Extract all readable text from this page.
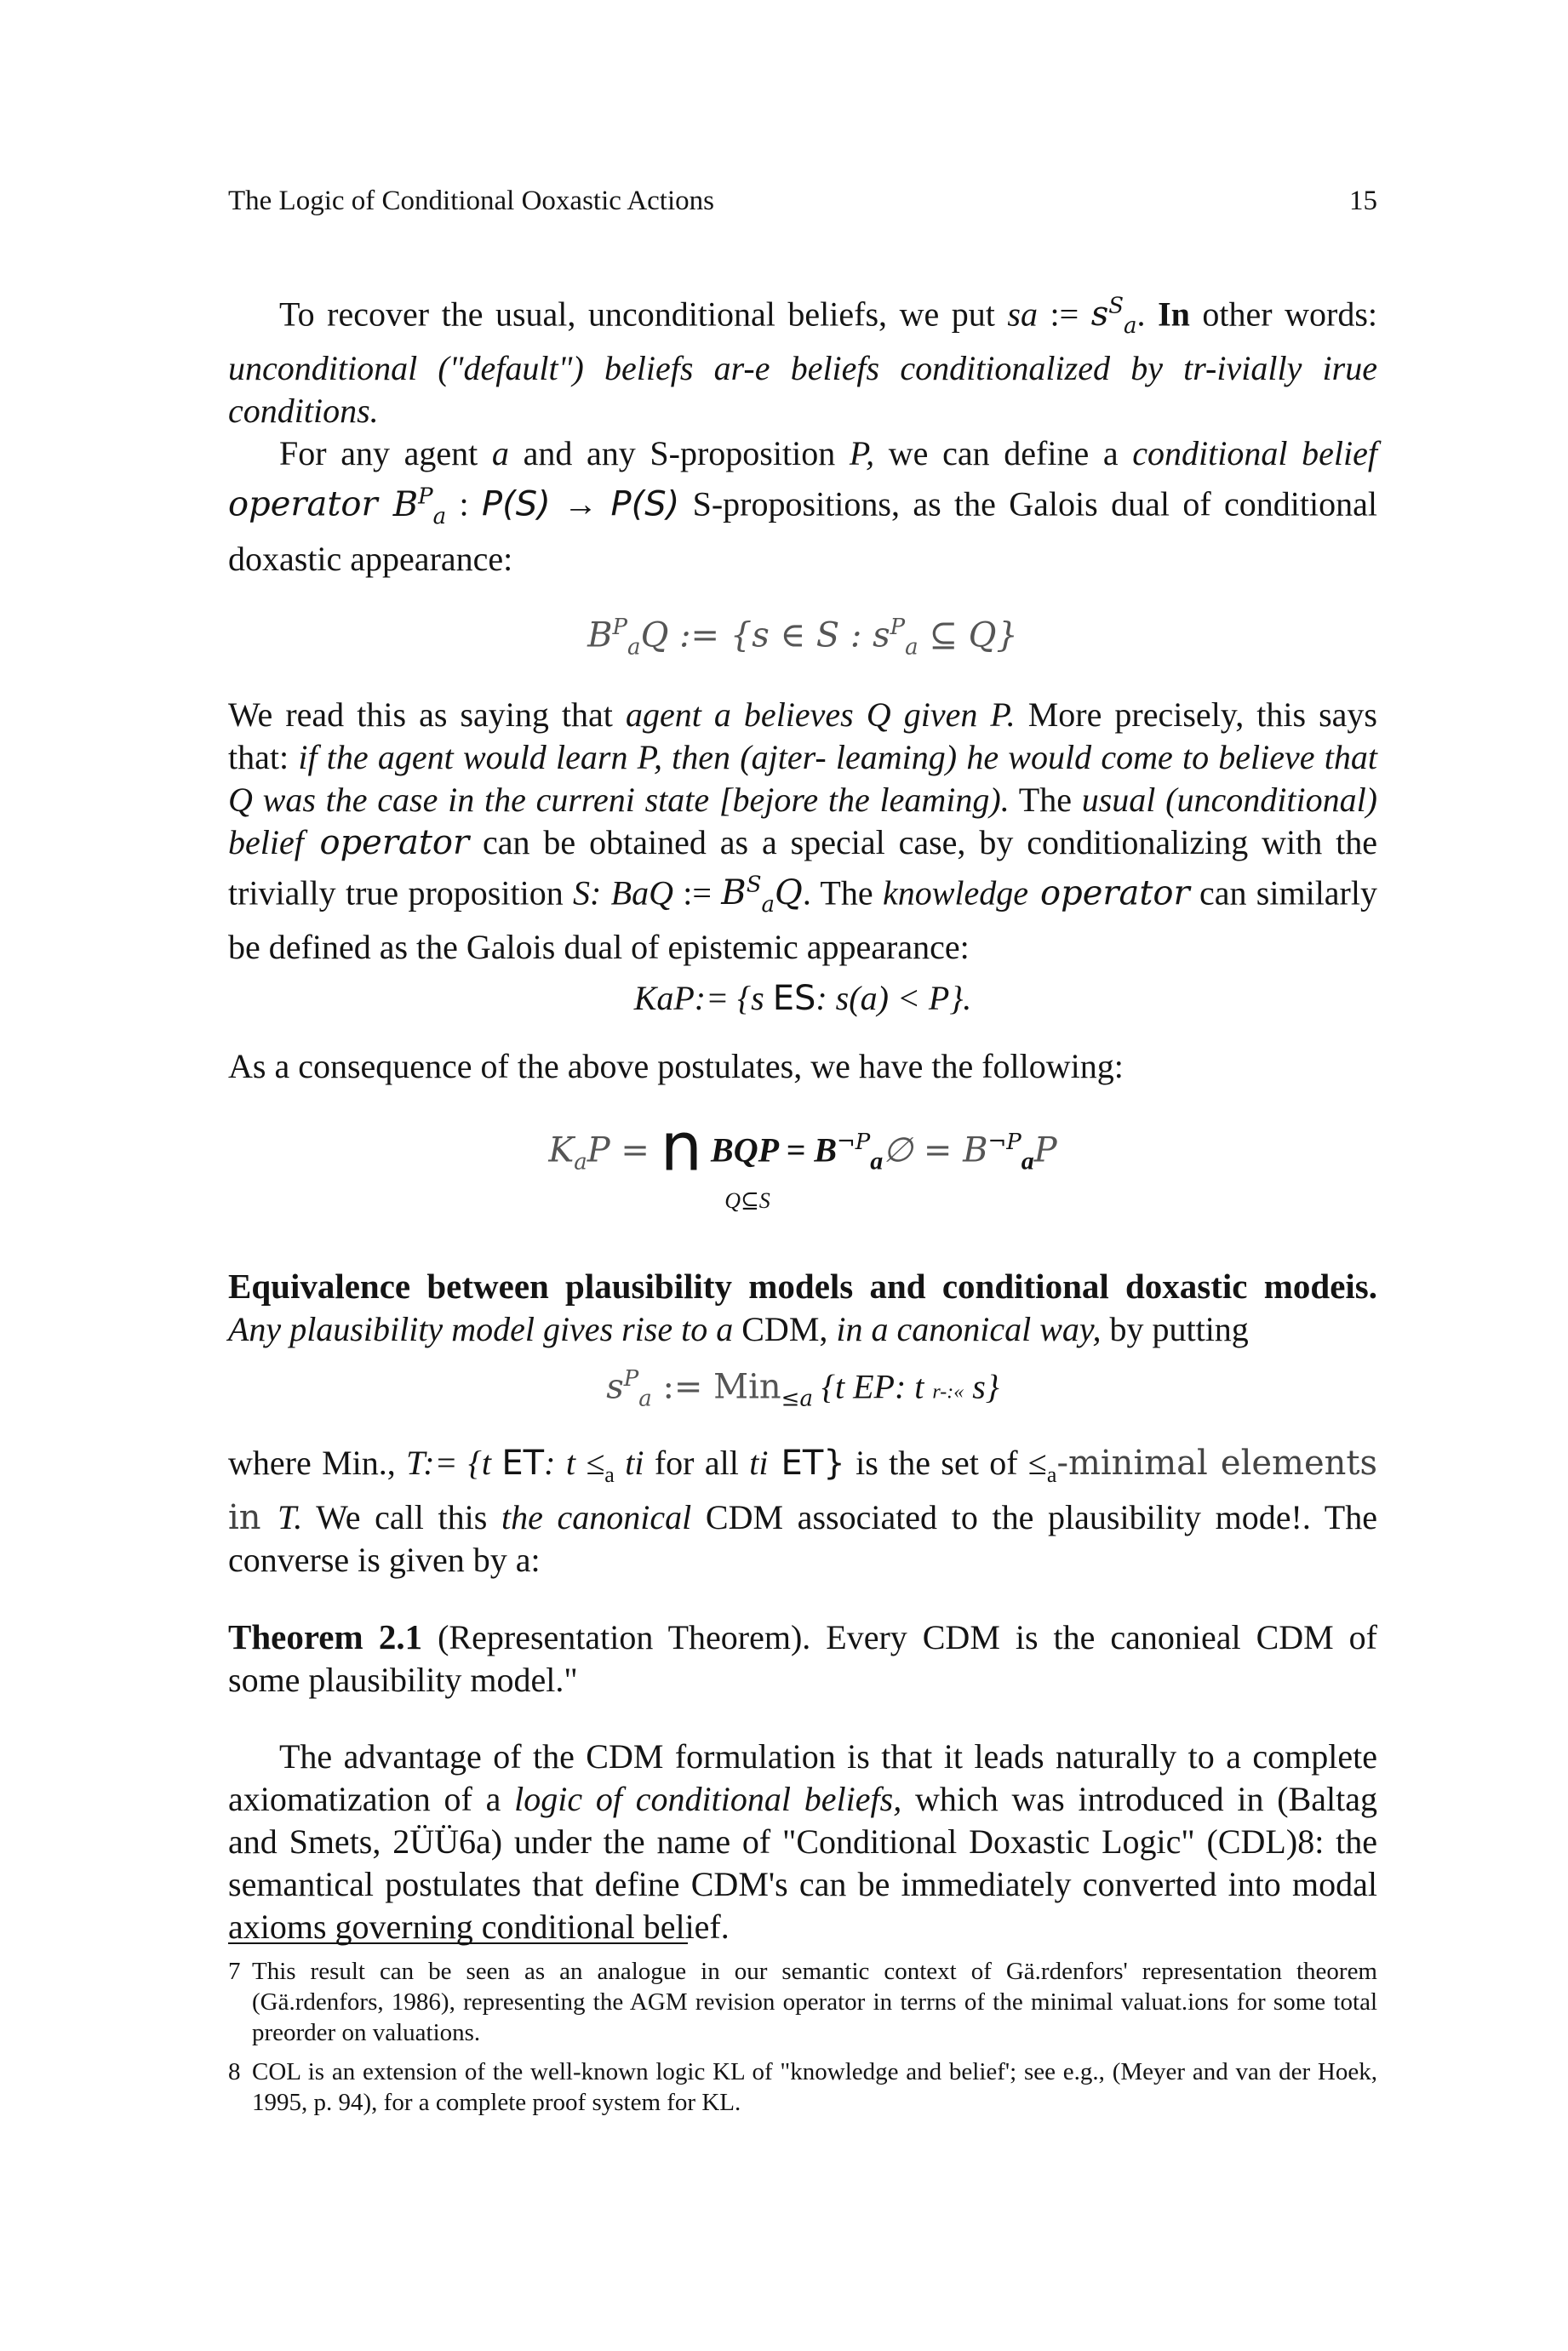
The Logic of Conditional Ooxastic Actions	15

To recover the usual, unconditional beliefs, we put sa := $s^S_a$. In other words: unconditional ("default") beliefs ar-e beliefs conditionalized by tr-ivially irue conditions.

For any agent a and any S-proposition P, we can define a conditional belief operator $B^P_a$ : P(S) → P(S) S-propositions, as the Galois dual of conditional doxastic appearance:

$B^P_aQ$ := {s ∈ S : $s^P_a$ ⊆ Q}

We read this as saying that agent a believes Q given P. More precisely, this says that: if the agent would learn P, then (ajter- leaming) he would come to believe that Q was the case in the curreni state [bejore the leaming). The usual (unconditional) belief operator can be obtained as a special case, by conditionalizing with the trivially true proposition S: BaQ := $B^S_aQ$. The knowledge operator can similarly be defined as the Galois dual of epistemic appearance:

KaP:= {s ES: s(a) < P}.

As a consequence of the above postulates, we have the following:

$K_aP = n$ BQP = $B^{\neg P}_a\emptyset = B^{\neg P}_aP$

Q⊆S

Equivalence between plausibility models and conditional doxastic modeis. Any plausibility model gives rise to a CDM, in a canonical way, by putting

$s^P_a$ := Min$_{\le a}$ {t EP: t r-:« s}

where Min., T:= {t ET: $t \le_a$ ti for all ti ET} is the set of $\le_a$-minimal elements in T. We call this the canonical CDM associated to the plausibility mode!. The converse is given by a:

Theorem 2.1 (Representation Theorem). Every CDM is the canonieal CDM of some plausibility model."

The advantage of the CDM formulation is that it leads naturally to a complete axiomatization of a logic of conditional beliefs, which was introduced in (Baltag and Smets, 2ÜÜ6a) under the name of "Conditional Doxastic Logic" (CDL)8: the semantical postulates that define CDM's can be immediately converted into modal axioms governing conditional belief.

7 This result can be seen as an analogue in our semantic context of Gä.rdenfors' representation theorem (Gä.rdenfors, 1986), representing the AGM revision operator in terrns of the minimal valuat.ions for some total preorder on valuations.

8 COL is an extension of the well-known logic KL of "knowledge and belief'; see e.g., (Meyer and van der Hoek, 1995, p. 94), for a complete proof system for KL.
